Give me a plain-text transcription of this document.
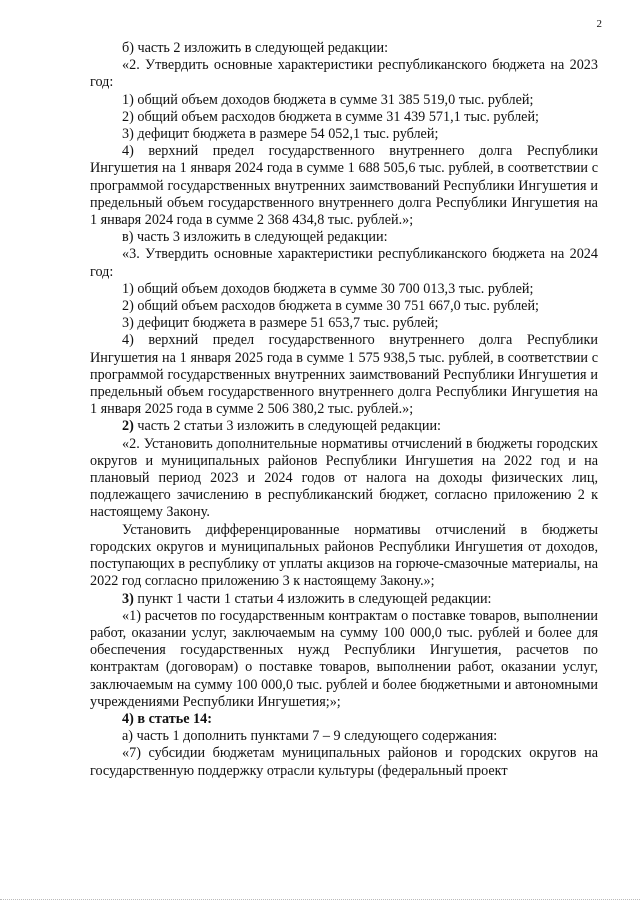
2

б) часть 2 изложить в следующей редакции:

«2. Утвердить основные характеристики республиканского бюджета на 2023 год:

1) общий объем доходов бюджета в сумме 31 385 519,0 тыс. рублей;

2) общий объем расходов бюджета в сумме 31 439 571,1 тыс. рублей;

3) дефицит бюджета в размере 54 052,1 тыс. рублей;

4) верхний предел государственного внутреннего долга Республики Ингушетия на 1 января 2024 года в сумме 1 688 505,6 тыс. рублей, в соответствии с программой государственных внутренних заимствований Республики Ингушетия и предельный объем государственного внутреннего долга Республики Ингушетия на 1 января 2024 года в сумме 2 368 434,8 тыс. рублей.»;

в) часть 3 изложить в следующей редакции:

«3. Утвердить основные характеристики республиканского бюджета на 2024 год:

1) общий объем доходов бюджета в сумме 30 700 013,3 тыс. рублей;

2) общий объем расходов бюджета в сумме 30 751 667,0 тыс. рублей;

3) дефицит бюджета в размере 51 653,7 тыс. рублей;

4) верхний предел государственного внутреннего долга Республики Ингушетия на 1 января 2025 года в сумме 1 575 938,5 тыс. рублей, в соответствии с программой государственных внутренних заимствований Республики Ингушетия и предельный объем государственного внутреннего долга Республики Ингушетия на 1 января 2025 года в сумме 2 506 380,2 тыс. рублей.»;

2) часть 2 статьи 3 изложить в следующей редакции:

«2. Установить дополнительные нормативы отчислений в бюджеты городских округов и муниципальных районов Республики Ингушетия на 2022 год и на плановый период 2023 и 2024 годов от налога на доходы физических лиц, подлежащего зачислению в республиканский бюджет, согласно приложению 2 к настоящему Закону.

Установить дифференцированные нормативы отчислений в бюджеты городских округов и муниципальных районов Республики Ингушетия от доходов, поступающих в республику от уплаты акцизов на горюче-смазочные материалы, на 2022 год согласно приложению 3 к настоящему Закону.»;

3) пункт 1 части 1 статьи 4 изложить в следующей редакции:

«1) расчетов по государственным контрактам о поставке товаров, выполнении работ, оказании услуг, заключаемым на сумму 100 000,0 тыс. рублей и более для обеспечения государственных нужд Республики Ингушетия, расчетов по контрактам (договорам) о поставке товаров, выполнении работ, оказании услуг, заключаемым на сумму 100 000,0 тыс. рублей и более бюджетными и автономными учреждениями Республики Ингушетия;»;

4) в статье 14:

а) часть 1 дополнить пунктами 7 – 9 следующего содержания:

«7) субсидии бюджетам муниципальных районов и городских округов на государственную поддержку отрасли культуры (федеральный проект
